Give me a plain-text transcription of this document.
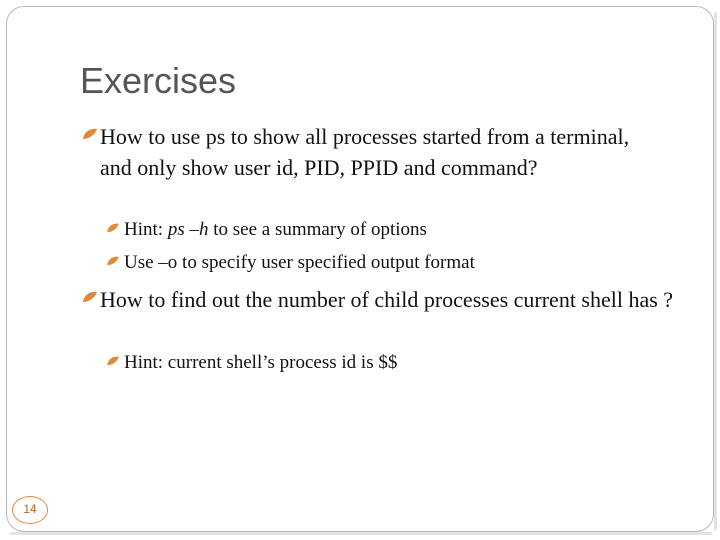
Exercises
How to use ps to show all processes started from a terminal, and only show user id, PID, PPID and command?
Hint: ps –h to see a summary of options
Use –o to specify user specified output format
How to find out the number of child processes current shell has ?
Hint: current shell’s process id is $$
14
